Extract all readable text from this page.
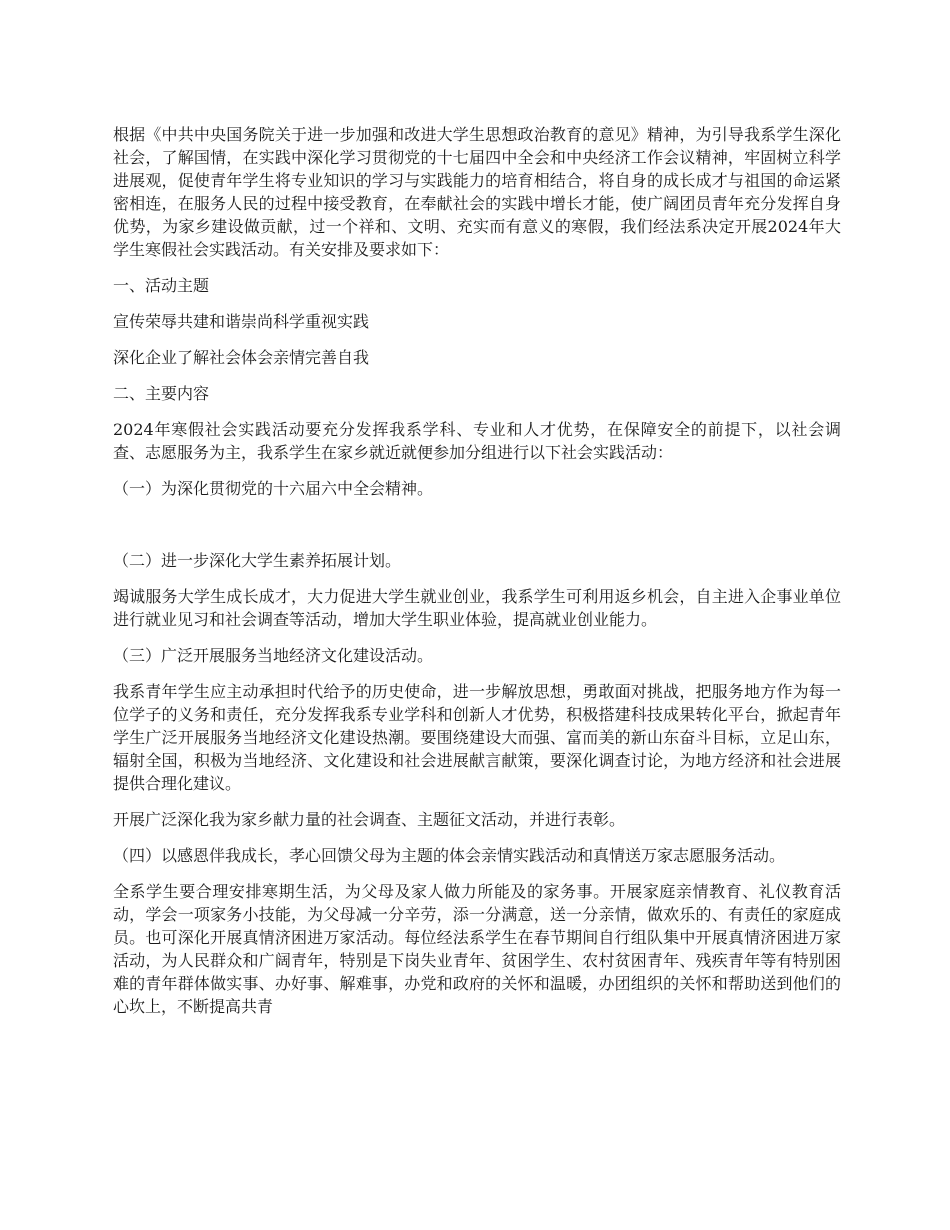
根据《中共中央国务院关于进一步加强和改进大学生思想政治教育的意见》精神，为引导我系学生深化社会，了解国情，在实践中深化学习贯彻党的十七届四中全会和中央经济工作会议精神，牢固树立科学进展观，促使青年学生将专业知识的学习与实践能力的培育相结合，将自身的成长成才与祖国的命运紧密相连，在服务人民的过程中接受教育，在奉献社会的实践中增长才能，使广阔团员青年充分发挥自身优势，为家乡建设做贡献，过一个祥和、文明、充实而有意义的寒假，我们经法系决定开展2024年大学生寒假社会实践活动。有关安排及要求如下：

一、活动主题

宣传荣辱共建和谐崇尚科学重视实践

深化企业了解社会体会亲情完善自我

二、主要内容

2024年寒假社会实践活动要充分发挥我系学科、专业和人才优势，在保障安全的前提下，以社会调查、志愿服务为主，我系学生在家乡就近就便参加分组进行以下社会实践活动：

（一）为深化贯彻党的十六届六中全会精神。

（二）进一步深化大学生素养拓展计划。

竭诚服务大学生成长成才，大力促进大学生就业创业，我系学生可利用返乡机会，自主进入企事业单位进行就业见习和社会调查等活动，增加大学生职业体验，提高就业创业能力。

（三）广泛开展服务当地经济文化建设活动。

我系青年学生应主动承担时代给予的历史使命，进一步解放思想，勇敢面对挑战，把服务地方作为每一位学子的义务和责任，充分发挥我系专业学科和创新人才优势，积极搭建科技成果转化平台，掀起青年学生广泛开展服务当地经济文化建设热潮。要围绕建设大而强、富而美的新山东奋斗目标，立足山东，辐射全国，积极为当地经济、文化建设和社会进展献言献策，要深化调查讨论，为地方经济和社会进展提供合理化建议。

开展广泛深化我为家乡献力量的社会调查、主题征文活动，并进行表彰。

（四）以感恩伴我成长，孝心回馈父母为主题的体会亲情实践活动和真情送万家志愿服务活动。

全系学生要合理安排寒期生活，为父母及家人做力所能及的家务事。开展家庭亲情教育、礼仪教育活动，学会一项家务小技能，为父母减一分辛劳，添一分满意，送一分亲情，做欢乐的、有责任的家庭成员。也可深化开展真情济困进万家活动。每位经法系学生在春节期间自行组队集中开展真情济困进万家活动，为人民群众和广阔青年，特别是下岗失业青年、贫困学生、农村贫困青年、残疾青年等有特别困难的青年群体做实事、办好事、解难事，办党和政府的关怀和温暖，办团组织的关怀和帮助送到他们的心坎上，不断提高共青
